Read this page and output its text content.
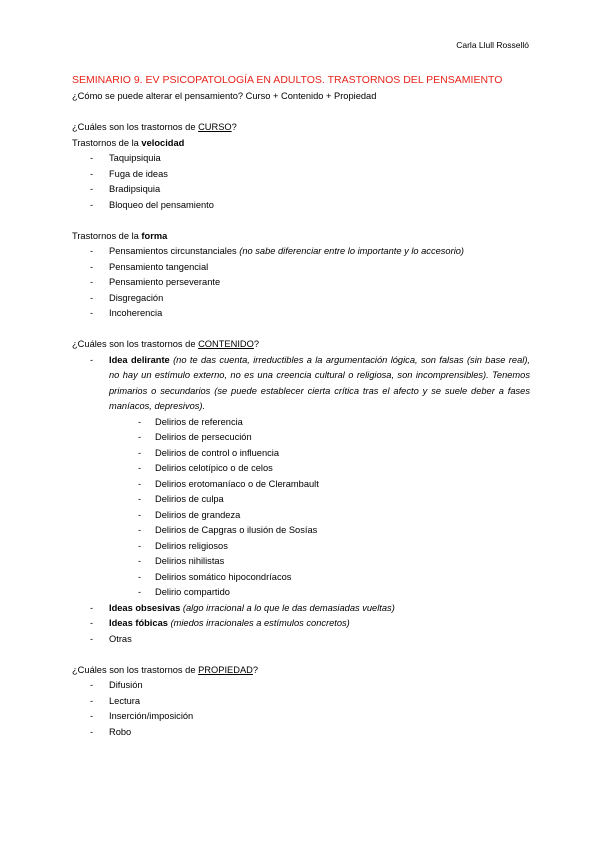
Carla Llull Rosselló
SEMINARIO 9. EV PSICOPATOLOGÍA EN ADULTOS. TRASTORNOS DEL PENSAMIENTO
¿Cómo se puede alterar el pensamiento? Curso + Contenido + Propiedad
¿Cuáles son los trastornos de CURSO?
Trastornos de la velocidad
- Taquipsiquia
- Fuga de ideas
- Bradipsiquia
- Bloqueo del pensamiento
Trastornos de la forma
- Pensamientos circunstanciales (no sabe diferenciar entre lo importante y lo accesorio)
- Pensamiento tangencial
- Pensamiento perseverante
- Disgregación
- Incoherencia
¿Cuáles son los trastornos de CONTENIDO?
- Idea delirante (no te das cuenta, irreductibles a la argumentación lógica, son falsas (sin base real), no hay un estímulo externo, no es una creencia cultural o religiosa, son incomprensibles). Tenemos primarios o secundarios (se puede establecer cierta crítica tras el afecto y se suele deber a fases maníacos, depresivos).
- Delirios de referencia
- Delirios de persecución
- Delirios de control o influencia
- Delirios celotípico o de celos
- Delirios erotomaníaco o de Clerambault
- Delirios de culpa
- Delirios de grandeza
- Delirios de Capgras o ilusión de Sosías
- Delirios religiosos
- Delirios nihilistas
- Delirios somático hipocondríacos
- Delirio compartido
- Ideas obsesivas (algo irracional a lo que le das demasiadas vueltas)
- Ideas fóbicas (miedos irracionales a estímulos concretos)
- Otras
¿Cuáles son los trastornos de PROPIEDAD?
- Difusión
- Lectura
- Inserción/imposición
- Robo
